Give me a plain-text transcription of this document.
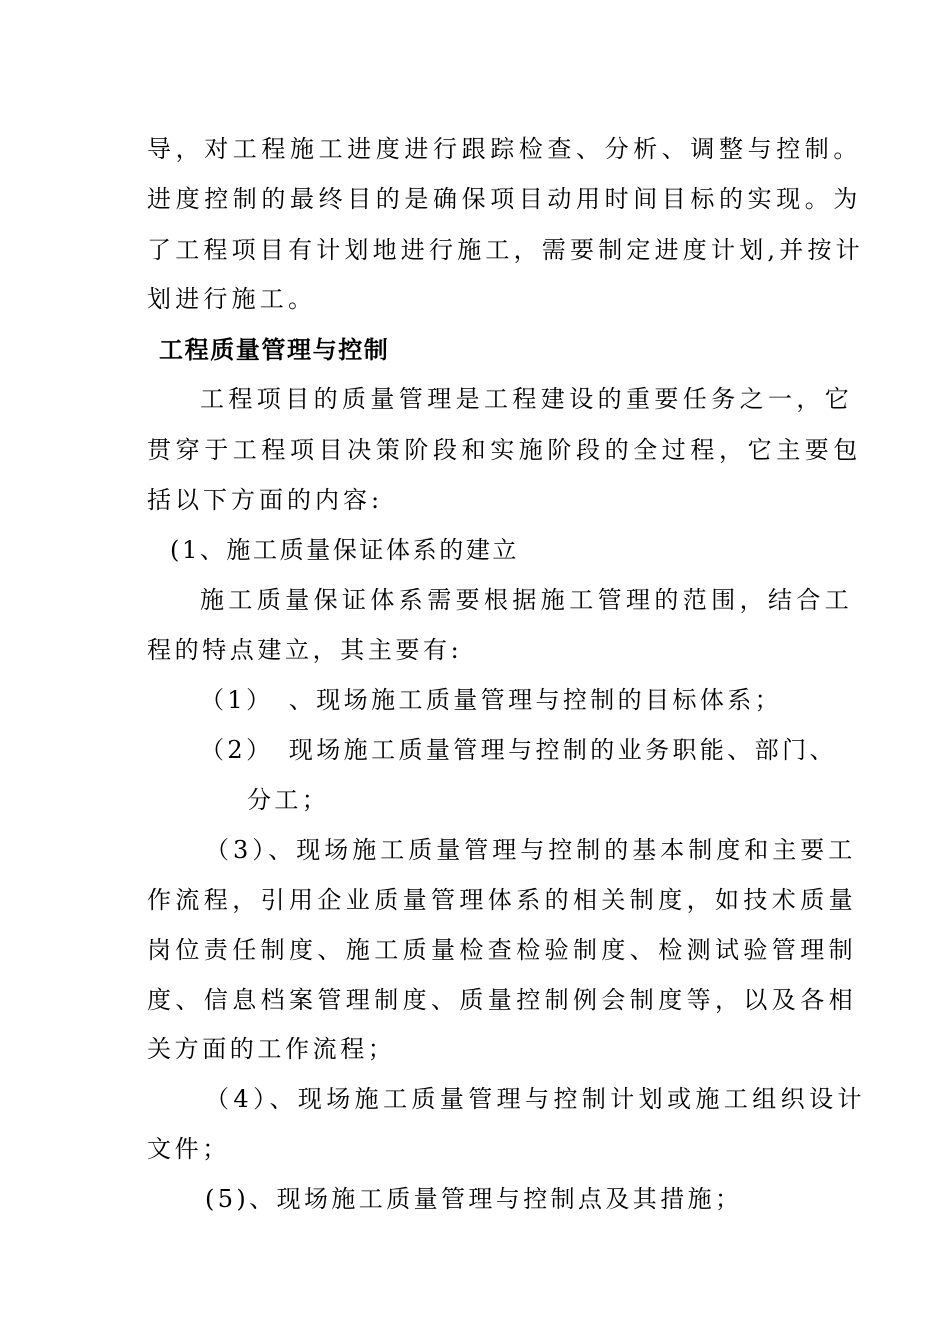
导，对工程施工进度进行跟踪检查、分析、调整与控制。
进度控制的最终目的是确保项目动用时间目标的实现。为
了工程项目有计划地进行施工，需要制定进度计划,并按计
划进行施工。
工程质量管理与控制
工程项目的质量管理是工程建设的重要任务之一，它
贯穿于工程项目决策阶段和实施阶段的全过程，它主要包
括以下方面的内容:
(1、施工质量保证体系的建立
施工质量保证体系需要根据施工管理的范围，结合工
程的特点建立，其主要有:
（1）　、现场施工质量管理与控制的目标体系；
（2）　现场施工质量管理与控制的业务职能、部门、
分工；
（3）、现场施工质量管理与控制的基本制度和主要工
作流程，引用企业质量管理体系的相关制度，如技术质量
岗位责任制度、施工质量检查检验制度、检测试验管理制
度、信息档案管理制度、质量控制例会制度等，以及各相
关方面的工作流程；
（4）、现场施工质量管理与控制计划或施工组织设计
文件；
(5)、现场施工质量管理与控制点及其措施；
